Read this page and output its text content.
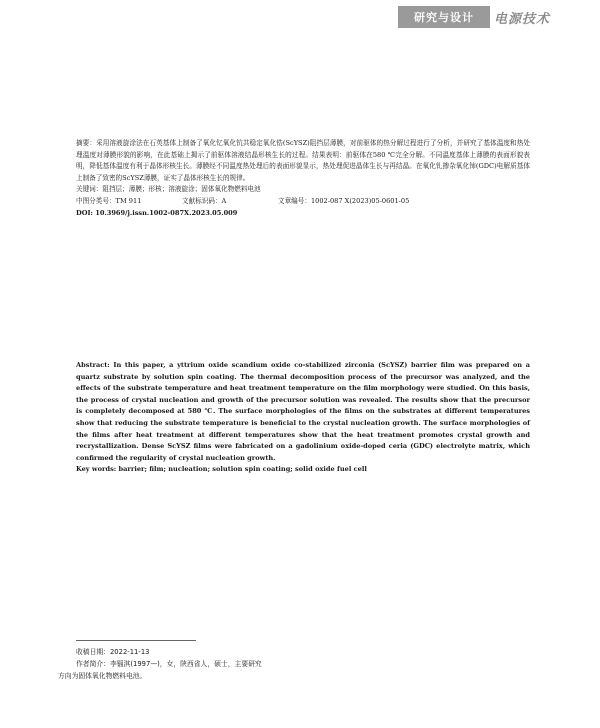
研究与设计 电源技术

摘要：采用溶液旋涂法在石英基体上制备了氧化钇氧化钪共稳定氧化锆(ScYSZ)阻挡层薄膜，对前驱体的热分解过程进行了分析，并研究了基体温度和热处理温度对薄膜形貌的影响，在此基础上揭示了前驱体溶液结晶形核生长的过程。结果表明：前驱体在580 ℃完全分解。不同温度基体上薄膜的表面形貌表明，降低基体温度有利于晶体形核生长。薄膜经不同温度热处理后的表面形貌显示，热处理促进晶体生长与再结晶。在氧化钆掺杂氧化铈(GDC)电解质基体上制备了致密的ScYSZ薄膜，证实了晶体形核生长的规律。

关键词：阻挡层；薄膜；形核；溶液旋涂；固体氧化物燃料电池

中图分类号：TM 911	文献标识码：A	文章编号：1002-087 X(2023)05-0601-05

DOI: 10.3969/j.issn.1002-087X.2023.05.009

Abstract: In this paper, a yttrium oxide scandium oxide co-stabilized zirconia (ScYSZ) barrier film was prepared on a quartz substrate by solution spin coating. The thermal decomposition process of the precursor was analyzed, and the effects of the substrate temperature and heat treatment temperature on the film morphology were studied. On this basis, the process of crystal nucleation and growth of the precursor solution was revealed. The results show that the precursor is completely decomposed at 580 ℃. The surface morphologies of the films on the substrates at different temperatures show that reducing the substrate temperature is beneficial to the crystal nucleation growth. The surface morphologies of the films after heat treatment at different temperatures show that the heat treatment promotes crystal growth and recrystallization. Dense ScYSZ films were fabricated on a gadolinium oxide-doped ceria (GDC) electrolyte matrix, which confirmed the regularity of crystal nucleation growth.

Key words: barrier; film; nucleation; solution spin coating; solid oxide fuel cell

收稿日期：2022-11-13

作者简介：李锱淇(1997—)，女，陕西省人，硕士，主要研究

方向为固体氧化物燃料电池。
